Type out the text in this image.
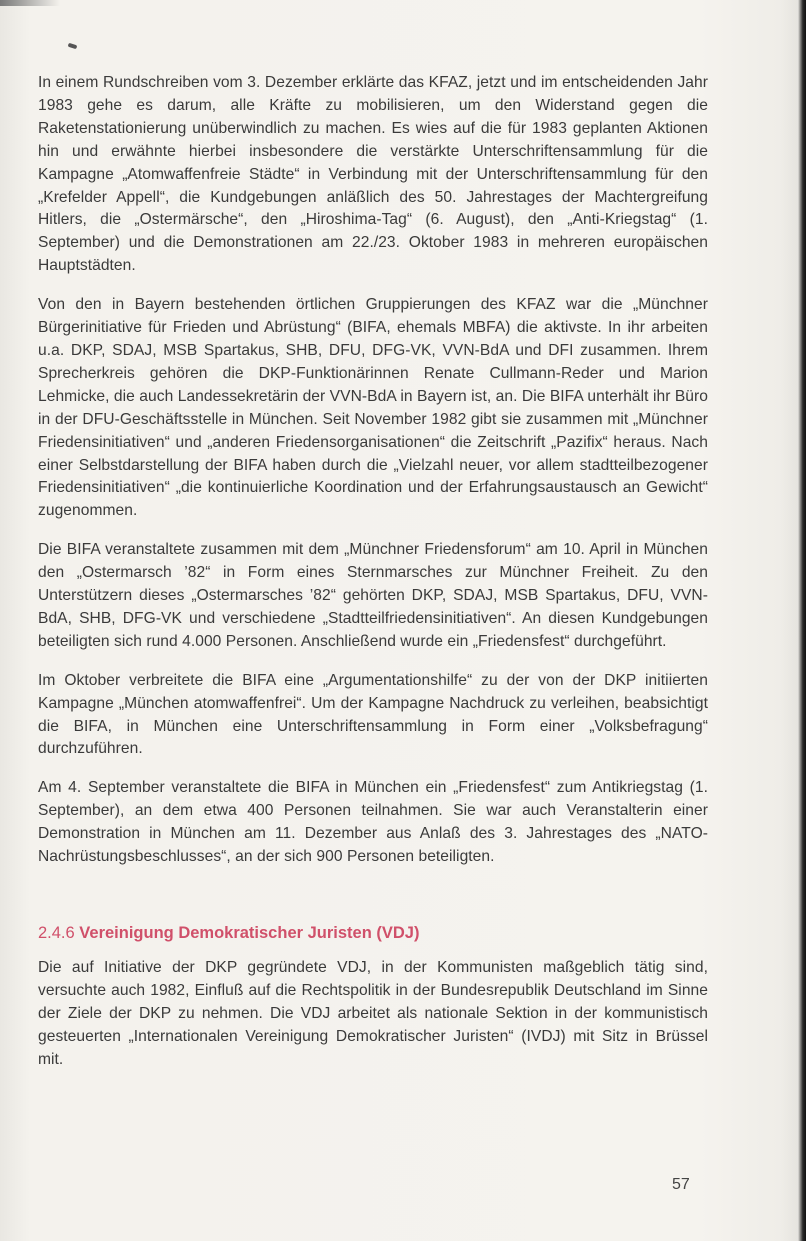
In einem Rundschreiben vom 3. Dezember erklärte das KFAZ, jetzt und im entscheidenden Jahr 1983 gehe es darum, alle Kräfte zu mobilisieren, um den Widerstand gegen die Raketenstationierung unüberwindlich zu machen. Es wies auf die für 1983 geplanten Aktionen hin und erwähnte hierbei insbesondere die verstärkte Unterschriftensammlung für die Kampagne „Atomwaffenfreie Städte“ in Verbindung mit der Unterschriftensammlung für den „Krefelder Appell“, die Kundgebungen anläßlich des 50. Jahrestages der Machtergreifung Hitlers, die „Ostermärsche“, den „Hiroshima-Tag“ (6. August), den „Anti-Kriegstag“ (1. September) und die Demonstrationen am 22./23. Oktober 1983 in mehreren europäischen Hauptstädten.

Von den in Bayern bestehenden örtlichen Gruppierungen des KFAZ war die „Münchner Bürgerinitiative für Frieden und Abrüstung“ (BIFA, ehemals MBFA) die aktivste. In ihr arbeiten u.a. DKP, SDAJ, MSB Spartakus, SHB, DFU, DFG-VK, VVN-BdA und DFI zusammen. Ihrem Sprecherkreis gehören die DKP-Funktionärinnen Renate Cullmann-Reder und Marion Lehmicke, die auch Landessekretärin der VVN-BdA in Bayern ist, an. Die BIFA unterhält ihr Büro in der DFU-Geschäftsstelle in München. Seit November 1982 gibt sie zusammen mit „Münchner Friedensinitiativen“ und „anderen Friedensorganisationen“ die Zeitschrift „Pazifix“ heraus. Nach einer Selbstdarstellung der BIFA haben durch die „Vielzahl neuer, vor allem stadtteilbezogener Friedensinitiativen“ „die kontinuierliche Koordination und der Erfahrungsaustausch an Gewicht“ zugenommen.

Die BIFA veranstaltete zusammen mit dem „Münchner Friedensforum“ am 10. April in München den „Ostermarsch ’82“ in Form eines Sternmarsches zur Münchner Freiheit. Zu den Unterstützern dieses „Ostermarsches ’82“ gehörten DKP, SDAJ, MSB Spartakus, DFU, VVN-BdA, SHB, DFG-VK und verschiedene „Stadtteilfriedensinitiativen“. An diesen Kundgebungen beteiligten sich rund 4.000 Personen. Anschließend wurde ein „Friedensfest“ durchgeführt.

Im Oktober verbreitete die BIFA eine „Argumentationshilfe“ zu der von der DKP initiierten Kampagne „München atomwaffenfrei“. Um der Kampagne Nachdruck zu verleihen, beabsichtigt die BIFA, in München eine Unterschriftensammlung in Form einer „Volksbefragung“ durchzuführen.

Am 4. September veranstaltete die BIFA in München ein „Friedensfest“ zum Antikriegstag (1. September), an dem etwa 400 Personen teilnahmen. Sie war auch Veranstalterin einer Demonstration in München am 11. Dezember aus Anlaß des 3. Jahrestages des „NATO-Nachrüstungsbeschlusses“, an der sich 900 Personen beteiligten.

2.4.6 Vereinigung Demokratischer Juristen (VDJ)

Die auf Initiative der DKP gegründete VDJ, in der Kommunisten maßgeblich tätig sind, versuchte auch 1982, Einfluß auf die Rechtspolitik in der Bundesrepublik Deutschland im Sinne der Ziele der DKP zu nehmen. Die VDJ arbeitet als nationale Sektion in der kommunistisch gesteuerten „Internationalen Vereinigung Demokratischer Juristen“ (IVDJ) mit Sitz in Brüssel mit.

57
